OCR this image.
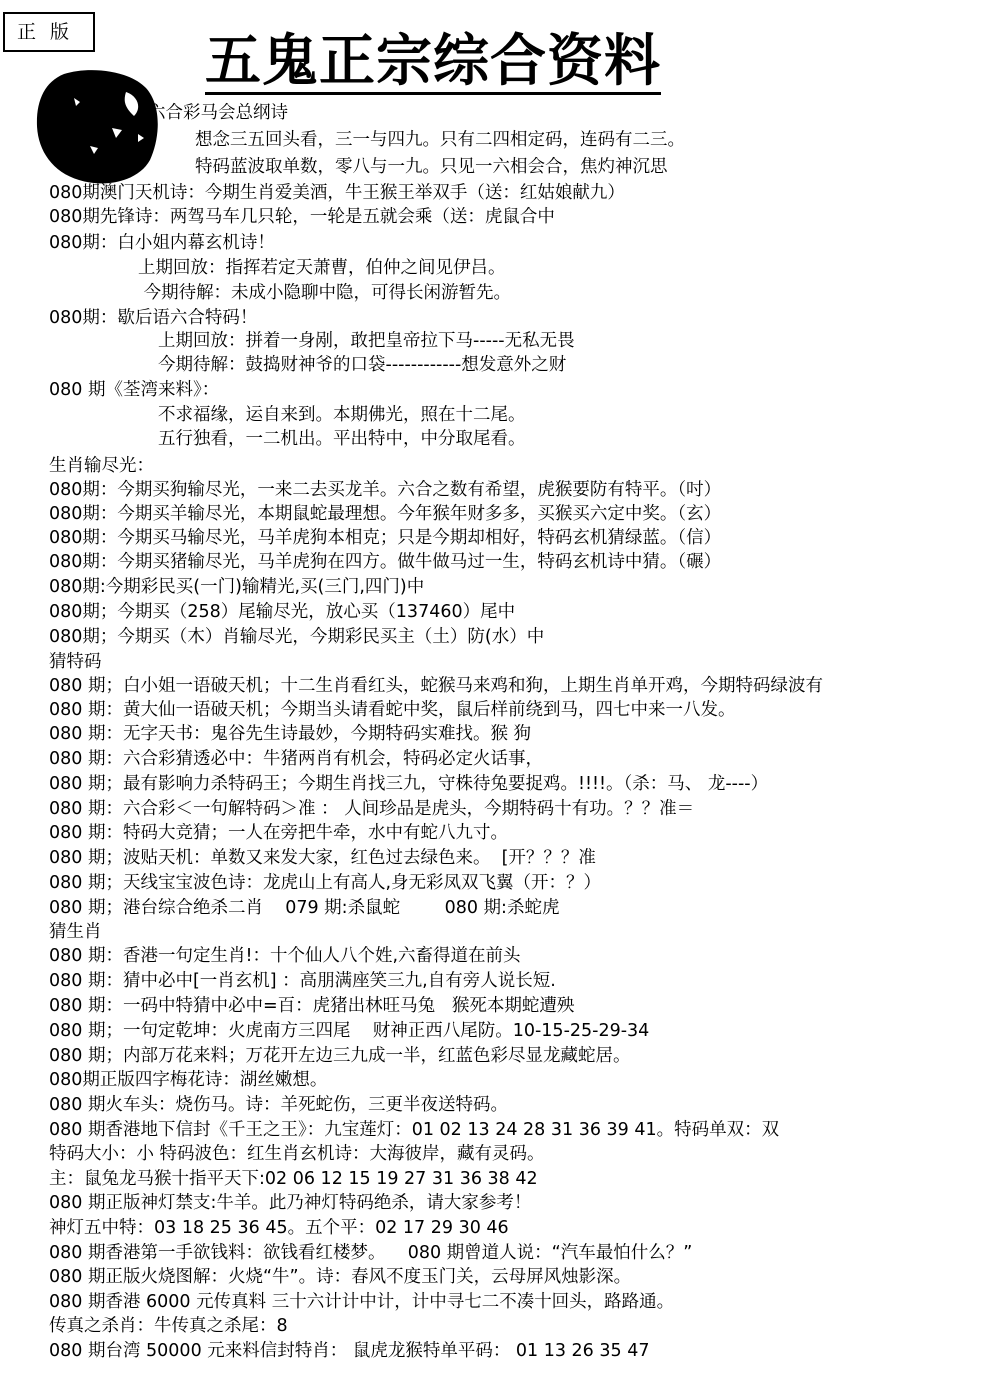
正 版	五鬼正宗综合资料
六合彩马会总纲诗
想念三五回头看，三一与四九。只有二四相定码，连码有二三。
特码蓝波取单数，零八与一九。只见一六相会合，焦灼神沉思
080期澳门天机诗：今期生肖爱美酒，牛王猴王举双手（送：红姑娘献九）
080期先锋诗：两驾马车几只轮，一轮是五就会乘（送：虎鼠合中
080期：白小姐内幕玄机诗！
上期回放：指挥若定天萧曹，伯仲之间见伊吕。
今期待解：未成小隐聊中隐，可得长闲游暂先。
080期：歇后语六合特码！
上期回放：拼着一身剐，敢把皇帝拉下马-----无私无畏
今期待解：鼓捣财神爷的口袋------------想发意外之财
080 期《荃湾来料》：
不求福缘，运自来到。本期佛光，照在十二尾。
五行独看，一二机出。平出特中，中分取尾看。
生肖输尽光：
080期：今期买狗输尽光，一来二去买龙羊。六合之数有希望，虎猴要防有特平。（吋）
080期：今期买羊输尽光，本期鼠蛇最理想。今年猴年财多多，买猴买六定中奖。（玄）
080期：今期买马输尽光，马羊虎狗本相克；只是今期却相好，特码玄机猜绿蓝。（信）
080期：今期买猪输尽光，马羊虎狗在四方。做牛做马过一生，特码玄机诗中猜。（碾）
080期:今期彩民买(一门)输精光,买(三门,四门)中
080期；今期买（258）尾输尽光，放心买（137460）尾中
080期；今期买（木）肖输尽光，今期彩民买主（土）防(水）中
猜特码
080 期；白小姐一语破天机；十二生肖看红头，蛇猴马来鸡和狗，上期生肖单开鸡，今期特码绿波有
080 期：黄大仙一语破天机；今期当头请看蛇中奖，鼠后样前绕到马，四七中来一八发。
080 期：无字天书：鬼谷先生诗最妙，今期特码实难找。猴 狗
080 期：六合彩猜透必中：牛猪两肖有机会，特码必定火话事，
080 期；最有影响力杀特码王；今期生肖找三九，守株待兔要捉鸡。!!!!。（杀：马、 龙----）
080 期：六合彩＜一句解特码＞准 ： 人间珍品是虎头，今期特码十有功。？？准＝
080 期：特码大竞猜；一人在旁把牛牵，水中有蛇八九寸。
080 期；波贴天机：单数又来发大家，红色过去绿色来。  [开？？？准
080 期；天线宝宝波色诗：龙虎山上有高人,身无彩凤双飞翼（开：？）
080 期；港台综合绝杀二肖    079 期:杀鼠蛇        080 期:杀蛇虎
猜生肖
080 期：香港一句定生肖!：十个仙人八个姓,六畜得道在前头
080 期：猜中必中[一肖玄机] ：高朋满座笑三九,自有旁人说长短.
080 期：一码中特猜中必中=百：虎猪出林旺马兔   猴死本期蛇遭殃
080 期；一句定乾坤：火虎南方三四尾    财神正西八尾防。10-15-25-29-34
080 期；内部万花来料；万花开左边三九成一半，红蓝色彩尽显龙藏蛇居。
080期正版四字梅花诗：湖丝嫩想。
080 期火车头：烧伤马。诗：羊死蛇伤，三更半夜送特码。
080 期香港地下信封《千王之王》：九宝莲灯：01 02 13 24 28 31 36 39 41。特码单双：双
特码大小：小 特码波色：红生肖玄机诗：大海彼岸，藏有灵码。
主：鼠兔龙马猴十指平天下:02 06 12 15 19 27 31 36 38 42
080 期正版神灯禁支:牛羊。此乃神灯特码绝杀，请大家参考！
神灯五中特：03 18 25 36 45。五个平：02 17 29 30 46
080 期香港第一手欲钱料：欲钱看红楼梦。    080 期曾道人说：“汽车最怕什么？”
080 期正版火烧图解：火烧“牛”。诗：春风不度玉门关，云母屏风烛影深。
080 期香港 6000 元传真料 三十六计计中计，计中寻七二不凑十回头，路路通。
传真之杀肖：牛传真之杀尾：8
080 期台湾 50000 元来料信封特肖： 鼠虎龙猴特单平码： 01 13 26 35 47
